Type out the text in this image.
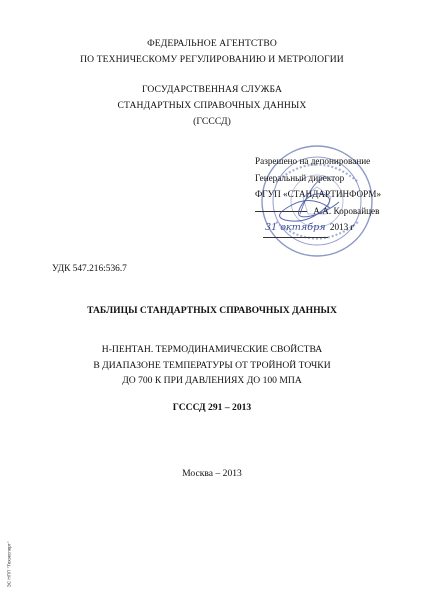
ФЕДЕРАЛЬНОЕ АГЕНТСТВО
ПО ТЕХНИЧЕСКОМУ РЕГУЛИРОВАНИЮ И МЕТРОЛОГИИ
ГОСУДАРСТВЕННАЯ СЛУЖБА
СТАНДАРТНЫХ СПРАВОЧНЫХ ДАННЫХ
(ГСССД)
Разрешено на депонирование
Генеральный директор
ФГУП «СТАНДАРТИНФОРМ»
А.А. Коровайцев
31 октября 2013 г
УДК 547.216:536.7
ТАБЛИЦЫ СТАНДАРТНЫХ СПРАВОЧНЫХ ДАННЫХ
Н-ПЕНТАН. ТЕРМОДИНАМИЧЕСКИЕ СВОЙСТВА
В ДИАПАЗОНЕ ТЕМПЕРАТУРЫ ОТ ТРОЙНОЙ ТОЧКИ
ДО 700 К ПРИ ДАВЛЕНИЯХ ДО 100 МПА
ГСССД 291 – 2013
Москва – 2013
ЭС НПП "Техэксперт"
